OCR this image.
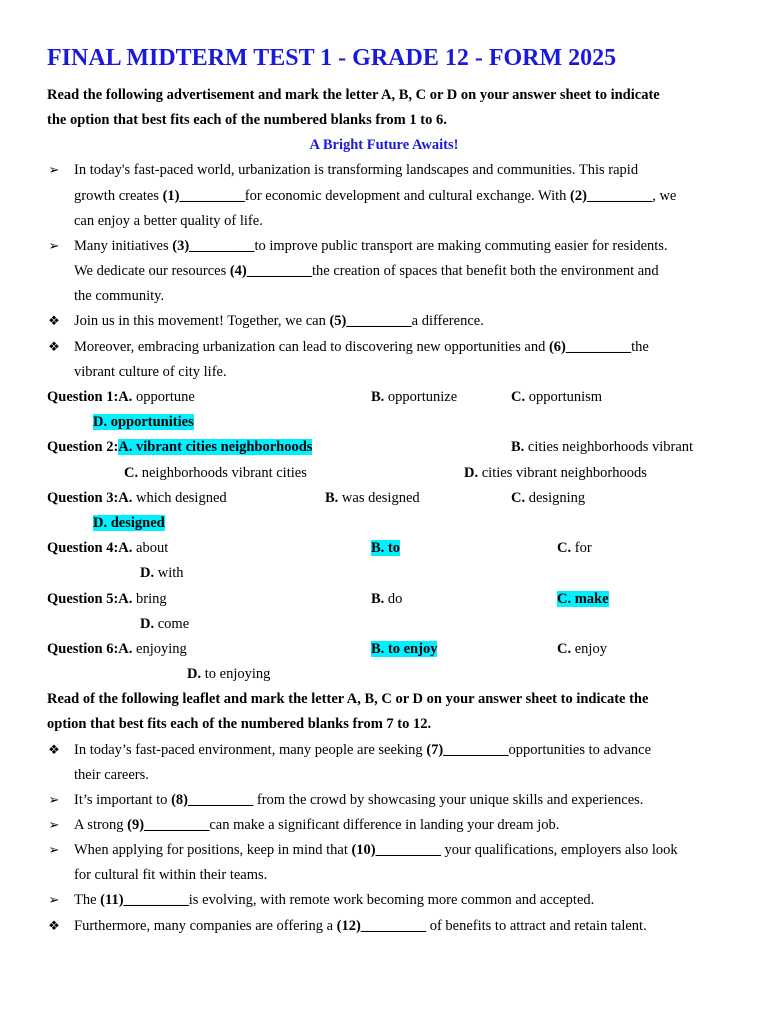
FINAL MIDTERM TEST 1 - GRADE 12 - FORM 2025
Read the following advertisement and mark the letter A, B, C or D on your answer sheet to indicate
the option that best fits each of the numbered blanks from 1 to 6.
A Bright Future Awaits!
➢ In today's fast-paced world, urbanization is transforming landscapes and communities. This rapid
growth creates (1)_________for economic development and cultural exchange. With (2)_________, we
can enjoy a better quality of life.
➢ Many initiatives (3)_________to improve public transport are making commuting easier for residents.
We dedicate our resources (4)_________the creation of spaces that benefit both the environment and
the community.
❖ Join us in this movement! Together, we can (5)_________a difference.
❖ Moreover, embracing urbanization can lead to discovering new opportunities and (6)_________the
vibrant culture of city life.
Question 1:A. opportune	B. opportunize	C. opportunism
D. opportunities
Question 2:A. vibrant cities neighborhoods	B. cities neighborhoods vibrant
C. neighborhoods vibrant cities	D. cities vibrant neighborhoods
Question 3:A. which designed	B. was designed	C. designing
D. designed
Question 4:A. about	B. to	C. for
D. with
Question 5:A. bring	B. do	C. make
D. come
Question 6:A. enjoying	B. to enjoy	C. enjoy
D. to enjoying
Read of the following leaflet and mark the letter A, B, C or D on your answer sheet to indicate the
option that best fits each of the numbered blanks from 7 to 12.
❖ In today’s fast-paced environment, many people are seeking (7)_________opportunities to advance
their careers.
➢ It’s important to (8)_________ from the crowd by showcasing your unique skills and experiences.
➢ A strong (9)_________can make a significant difference in landing your dream job.
➢ When applying for positions, keep in mind that (10)_________ your qualifications, employers also look
for cultural fit within their teams.
➢ The (11)_________is evolving, with remote work becoming more common and accepted.
❖ Furthermore, many companies are offering a (12)_________ of benefits to attract and retain talent.
